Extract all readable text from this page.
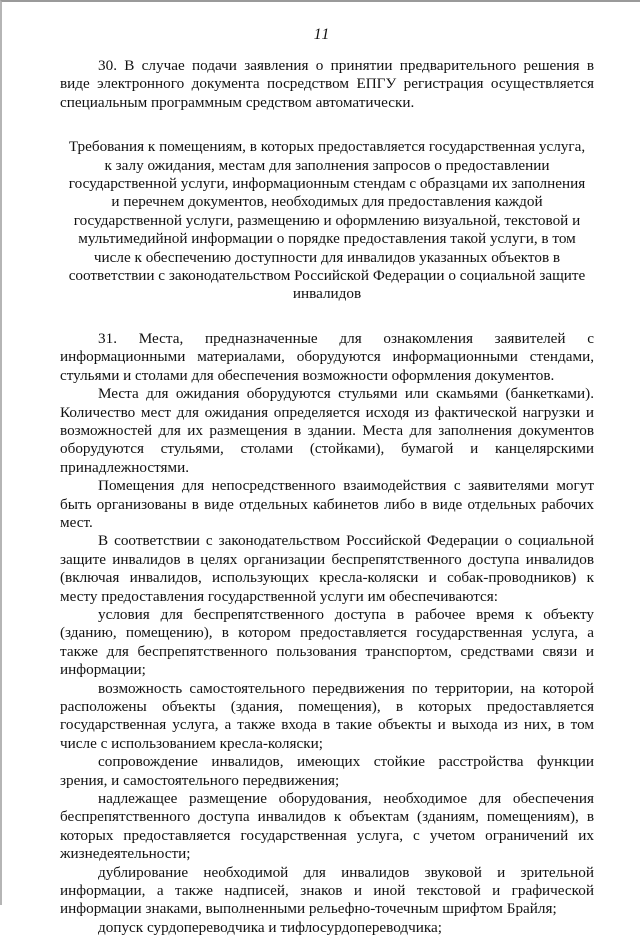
11

30. В случае подачи заявления о принятии предварительного решения в виде электронного документа посредством ЕПГУ регистрация осуществляется специальным программным средством автоматически.

Требования к помещениям, в которых предоставляется государственная услуга, к залу ожидания, местам для заполнения запросов о предоставлении государственной услуги, информационным стендам с образцами их заполнения и перечнем документов, необходимых для предоставления каждой государственной услуги, размещению и оформлению визуальной, текстовой и мультимедийной информации о порядке предоставления такой услуги, в том числе к обеспечению доступности для инвалидов указанных объектов в соответствии с законодательством Российской Федерации о социальной защите инвалидов

31. Места, предназначенные для ознакомления заявителей с информационными материалами, оборудуются информационными стендами, стульями и столами для обеспечения возможности оформления документов.

Места для ожидания оборудуются стульями или скамьями (банкетками). Количество мест для ожидания определяется исходя из фактической нагрузки и возможностей для их размещения в здании. Места для заполнения документов оборудуются стульями, столами (стойками), бумагой и канцелярскими принадлежностями.

Помещения для непосредственного взаимодействия с заявителями могут быть организованы в виде отдельных кабинетов либо в виде отдельных рабочих мест.

В соответствии с законодательством Российской Федерации о социальной защите инвалидов в целях организации беспрепятственного доступа инвалидов (включая инвалидов, использующих кресла-коляски и собак-проводников) к месту предоставления государственной услуги им обеспечиваются:

условия для беспрепятственного доступа в рабочее время к объекту (зданию, помещению), в котором предоставляется государственная услуга, а также для беспрепятственного пользования транспортом, средствами связи и информации;

возможность самостоятельного передвижения по территории, на которой расположены объекты (здания, помещения), в которых предоставляется государственная услуга, а также входа в такие объекты и выхода из них, в том числе с использованием кресла-коляски;

сопровождение инвалидов, имеющих стойкие расстройства функции зрения, и самостоятельного передвижения;

надлежащее размещение оборудования, необходимое для обеспечения беспрепятственного доступа инвалидов к объектам (зданиям, помещениям), в которых предоставляется государственная услуга, с учетом ограничений их жизнедеятельности;

дублирование необходимой для инвалидов звуковой и зрительной информации, а также надписей, знаков и иной текстовой и графической информации знаками, выполненными рельефно-точечным шрифтом Брайля;

допуск сурдопереводчика и тифлосурдопереводчика;
